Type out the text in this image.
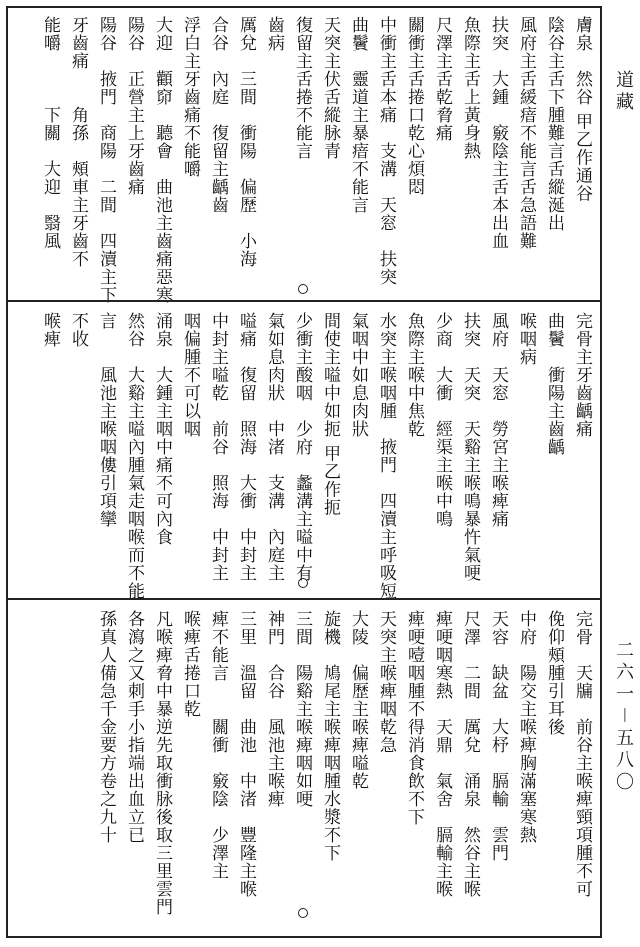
膚泉　然谷 甲乙作通谷
陰谷主舌下腫難言舌縱涎出
風府主舌緩瘖不能言舌急語難
扶突　大鍾　竅陰主舌本出血
魚際主舌上黃身熱
尺澤主舌乾脅痛
關衝主舌捲口乾心煩悶
中衝主舌本痛　支溝　天窓　扶突
曲鬢　靈道主暴瘖不能言
天突主伏舌縱脉青
復留主舌捲不能言
齒病
厲兌　三間　衝陽　偏歷　小海
合谷　內庭　復留主齲齒
浮白主牙齒痛不能嚼
大迎　顴窌　聽會　曲池主齒痛惡寒
陽谷　正營主上牙齒痛
陽谷　掖門　商陽　二間　四瀆主下
牙齒痛　　角孫　頰車主牙齒不
能嚼　　　下關　大迎　翳風
完骨主牙齒齲痛
曲鬢　衝陽主齒齲
喉咽病
風府　天窓　勞宮主喉痺痛
扶突　天突　天谿主喉鳴暴忤氣哽
少商　大衝　經渠主喉中鳴
魚際主喉中焦乾
水突主喉咽腫　掖門　四瀆主呼吸短
氣咽中如息肉狀
間使主嗌中如扼 甲乙作扼
少衝主酸咽　少府　蠡溝主嗌中有
氣如息肉狀　中渚　支溝　內庭主
嗌痛　復留　照海　大衝　中封主
中封主嗌乾　前谷　照海　中封主
咽偏腫不可以咽
涌泉　大鍾主咽中痛不可內食
然谷　大谿主嗌內腫氣走咽喉而不能
言　　風池主喉咽僂引項攣
不收
喉痺
完骨　天牖　前谷主喉痺頸項腫不可
俛仰頰腫引耳後
中府　陽交主喉痺胸滿塞寒熱
天容　缺盆　大杼　膈輸　雲門
尺澤　二間　厲兌　涌泉　然谷主喉
痺哽咽寒熱　天鼎　氣舍　膈輸主喉
痺哽噎咽腫不得消食飲不下
天突主喉痺咽乾急
大陵　偏歷主喉痺嗌乾
旋機　鳩尾主喉痺咽腫水漿不下
三間　陽谿主喉痺咽如哽
神門　合谷　風池主喉痺
三里　溫留　曲池　中渚　豐隆主喉
痺不能言　　關衝　竅陰　少澤主
喉痺舌捲口乾
凡喉痺脅中暴逆先取衝脉後取三里雲門
各瀉之又刺手小指端出血立已
孫真人備急千金要方卷之九十
道藏
二六一－五八〇
